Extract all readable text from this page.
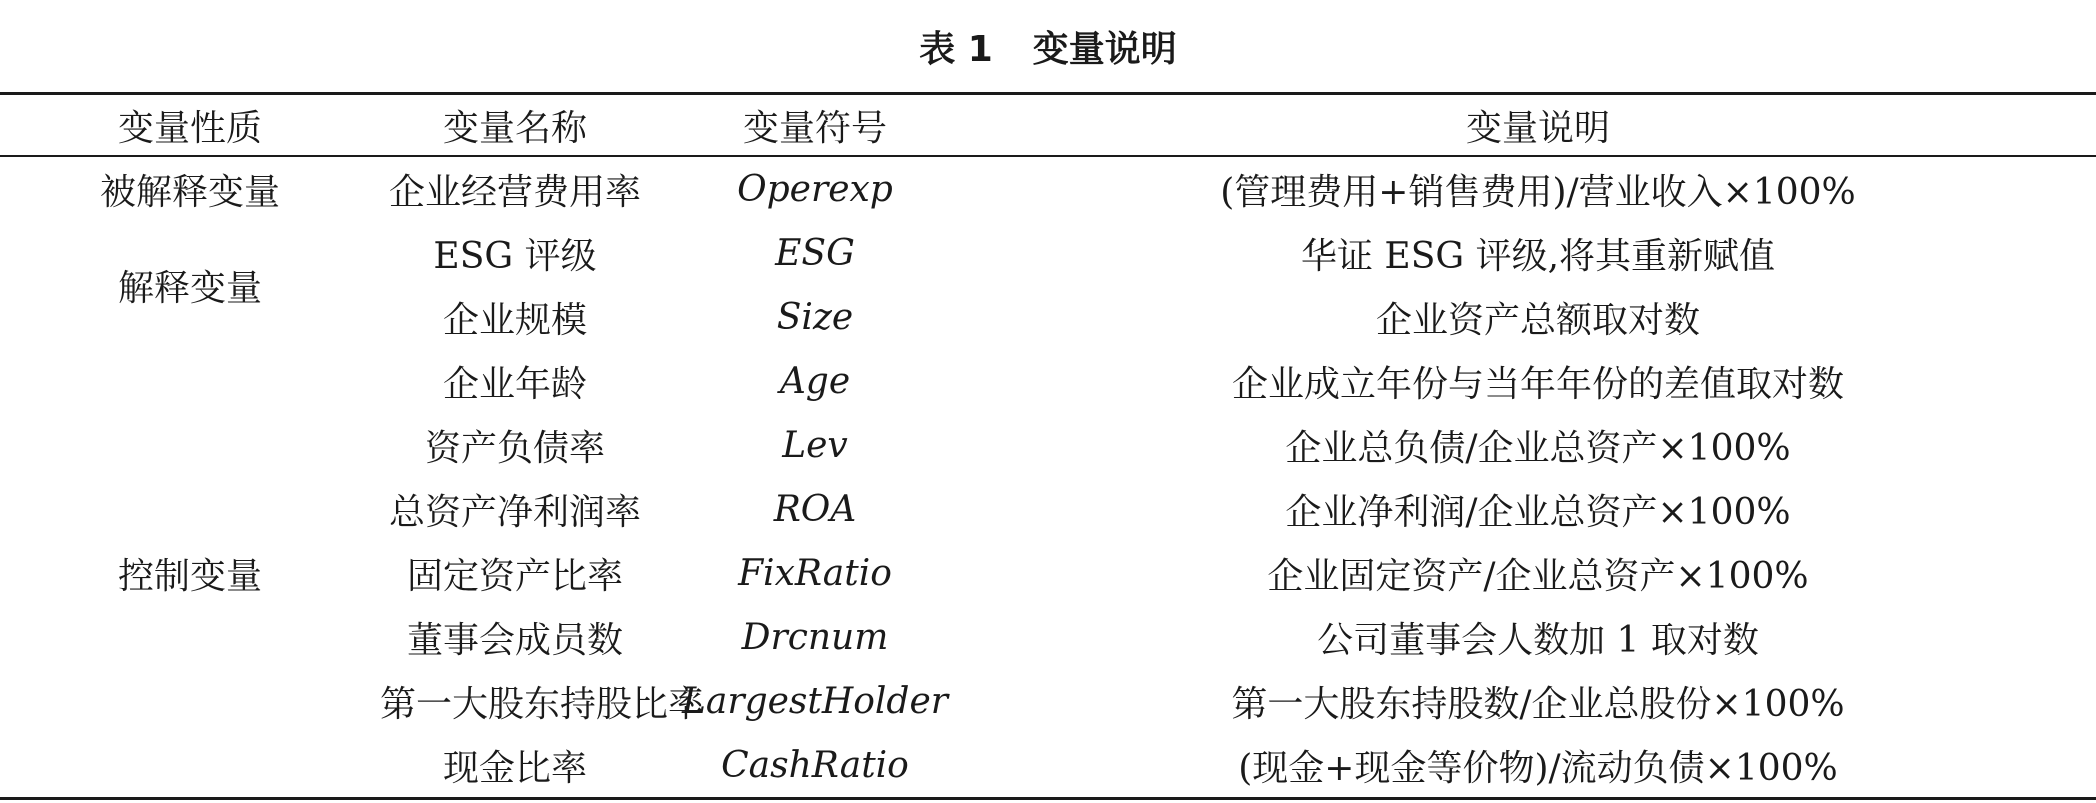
表 1 变量说明
变量性质	变量名称	变量符号	变量说明
被解释变量	企业经营费用率	Operexp	(管理费用+销售费用)/营业收入×100%
解释变量	ESG 评级	ESG	华证 ESG 评级,将其重新赋值
	企业规模	Size	企业资产总额取对数
控制变量	企业年龄	Age	企业成立年份与当年年份的差值取对数
	资产负债率	Lev	企业总负债/企业总资产×100%
	总资产净利润率	ROA	企业净利润/企业总资产×100%
	固定资产比率	FixRatio	企业固定资产/企业总资产×100%
	董事会成员数	Drcnum	公司董事会人数加 1 取对数
	第一大股东持股比率	LargestHolder	第一大股东持股数/企业总股份×100%
	现金比率	CashRatio	(现金+现金等价物)/流动负债×100%
